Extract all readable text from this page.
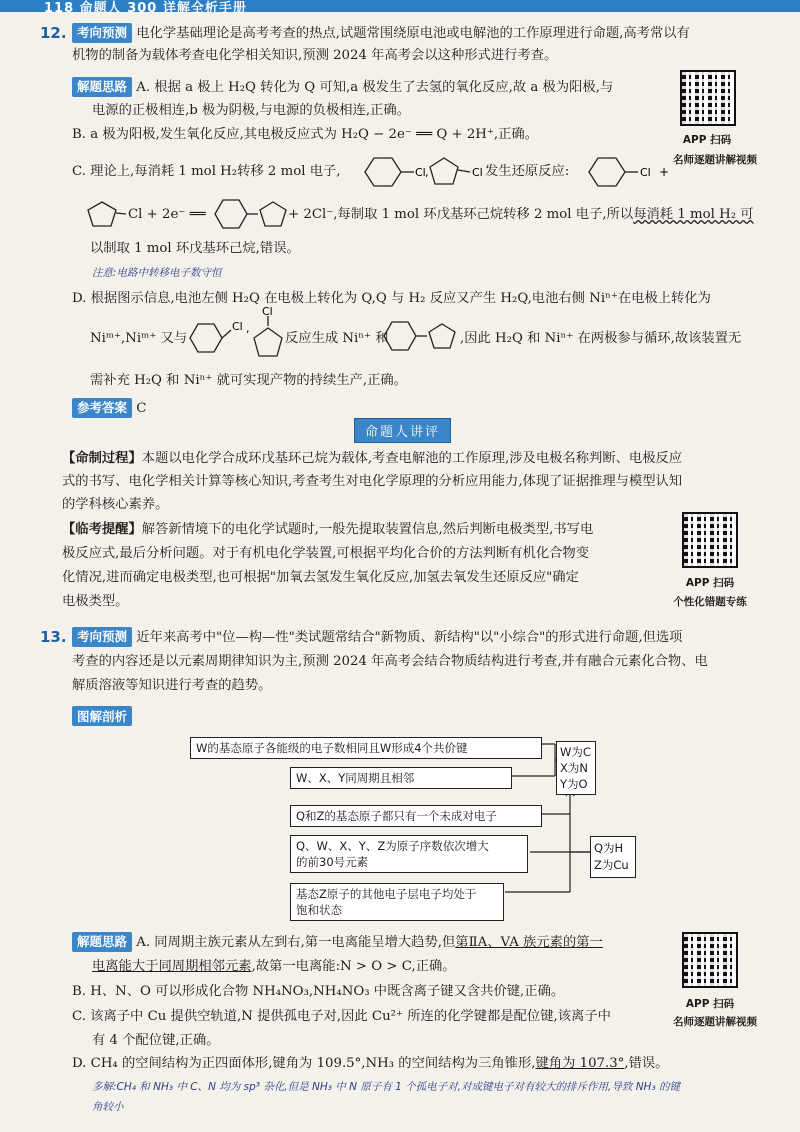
118 命题人 300 详解全析手册
12. 考向预测 电化学基础理论是高考考查的热点,试题常围绕原电池或电解池的工作原理进行命题,高考常以有
机物的制备为载体考查电化学相关知识,预测 2024 年高考会以这种形式进行考查。
解题思路 A. 根据 a 极上 H₂Q 转化为 Q 可知,a 极发生了去氢的氧化反应,故 a 极为阳极,与
电源的正极相连,b 极为阴极,与电源的负极相连,正确。
B. a 极为阳极,发生氧化反应,其电极反应式为 H₂Q − 2e⁻ ══ Q + 2H⁺,正确。
C. 理论上,每消耗 1 mol H₂转移 2 mol 电子,	Cl ,	Cl	Cl +
发生还原反应:
APP 扫码
名师逐题讲解视频
Cl + 2e⁻ ══	+ 2Cl⁻,每制取 1 mol 环戊基环己烷转移 2 mol 电子,所以每消耗 1 mol H₂ 可
以制取 1 mol 环戊基环己烷,错误。
注意:电路中转移电子数守恒
D. 根据图示信息,电池左侧 H₂Q 在电极上转化为 Q,Q 与 H₂ 反应又产生 H₂Q,电池右侧 Niⁿ⁺在电极上转化为
Niᵐ⁺,Niᵐ⁺ 又与
Cl ,
Cl
反应生成 Niⁿ⁺ 和	,因此 H₂Q 和 Niⁿ⁺ 在两极参与循环,故该装置无
需补充 H₂Q 和 Niⁿ⁺ 就可实现产物的持续生产,正确。
参考答案 C
命题人讲评
【命制过程】本题以电化学合成环戊基环己烷为载体,考查电解池的工作原理,涉及电极名称判断、电极反应
式的书写、电化学相关计算等核心知识,考查考生对电化学原理的分析应用能力,体现了证据推理与模型认知
的学科核心素养。
【临考提醒】解答新情境下的电化学试题时,一般先提取装置信息,然后判断电极类型,书写电
极反应式,最后分析问题。对于有机电化学装置,可根据平均化合价的方法判断有机化合物变
化情况,进而确定电极类型,也可根据"加氧去氢发生氧化反应,加氢去氧发生还原反应"确定
电极类型。
APP 扫码
个性化错题专练
13. 考向预测 近年来高考中"位—构—性"类试题常结合"新物质、新结构"以"小综合"的形式进行命题,但选项
考查的内容还是以元素周期律知识为主,预测 2024 年高考会结合物质结构进行考查,并有融合元素化合物、电
解质溶液等知识进行考查的趋势。
图解剖析
W的基态原子各能级的电子数相同且W形成4个共价键
W、X、Y同周期且相邻
Q和Z的基态原子都只有一个未成对电子
Q、W、X、Y、Z为原子序数依次增大
的前30号元素
基态Z原子的其他电子层电子均处于
饱和状态
W为C
X为N
Y为O
Q为H
Z为Cu
解题思路 A. 同周期主族元素从左到右,第一电离能呈增大趋势,但第ⅡA、VA 族元素的第一
电离能大于同周期相邻元素,故第一电离能:N > O > C,正确。
B. H、N、O 可以形成化合物 NH₄NO₃,NH₄NO₃ 中既含离子键又含共价键,正确。
C. 该离子中 Cu 提供空轨道,N 提供孤电子对,因此 Cu²⁺ 所连的化学键都是配位键,该离子中
有 4 个配位键,正确。
D. CH₄ 的空间结构为正四面体形,键角为 109.5°,NH₃ 的空间结构为三角锥形,键角为 107.3°,错误。
多解:CH₄ 和 NH₃ 中 C、N 均为 sp³ 杂化,但是 NH₃ 中 N 原子有 1 个孤电子对,对成键电子对有较大的排斥作用,导致 NH₃ 的键
角较小
APP 扫码
名师逐题讲解视频
